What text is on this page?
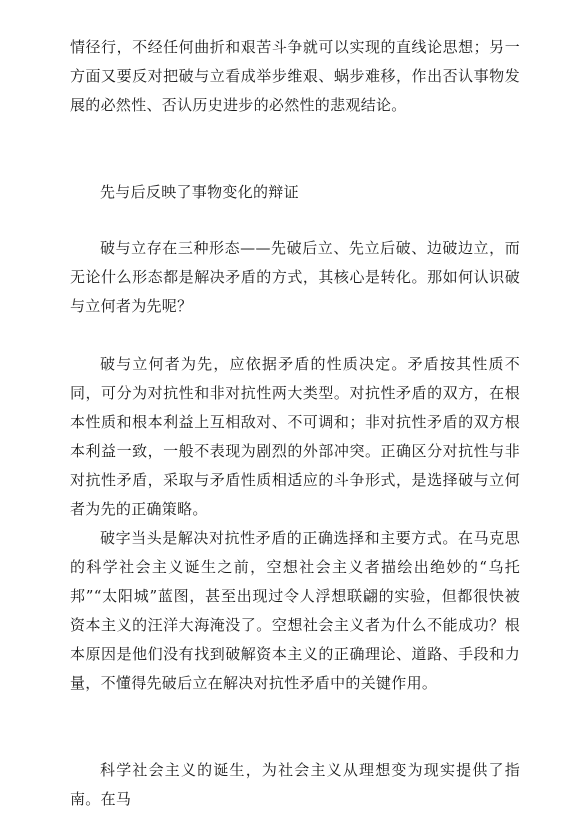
情径行，不经任何曲折和艰苦斗争就可以实现的直线论思想；另一方面又要反对把破与立看成举步维艰、蜗步难移，作出否认事物发展的必然性、否认历史进步的必然性的悲观结论。

先与后反映了事物变化的辩证

破与立存在三种形态——先破后立、先立后破、边破边立，而无论什么形态都是解决矛盾的方式，其核心是转化。那如何认识破与立何者为先呢？

破与立何者为先，应依据矛盾的性质决定。矛盾按其性质不同，可分为对抗性和非对抗性两大类型。对抗性矛盾的双方，在根本性质和根本利益上互相敌对、不可调和；非对抗性矛盾的双方根本利益一致，一般不表现为剧烈的外部冲突。正确区分对抗性与非对抗性矛盾，采取与矛盾性质相适应的斗争形式，是选择破与立何者为先的正确策略。

破字当头是解决对抗性矛盾的正确选择和主要方式。在马克思的科学社会主义诞生之前，空想社会主义者描绘出绝妙的“乌托邦”“太阳城”蓝图，甚至出现过令人浮想联翩的实验，但都很快被资本主义的汪洋大海淹没了。空想社会主义者为什么不能成功？根本原因是他们没有找到破解资本主义的正确理论、道路、手段和力量，不懂得先破后立在解决对抗性矛盾中的关键作用。

科学社会主义的诞生，为社会主义从理想变为现实提供了指南。在马
